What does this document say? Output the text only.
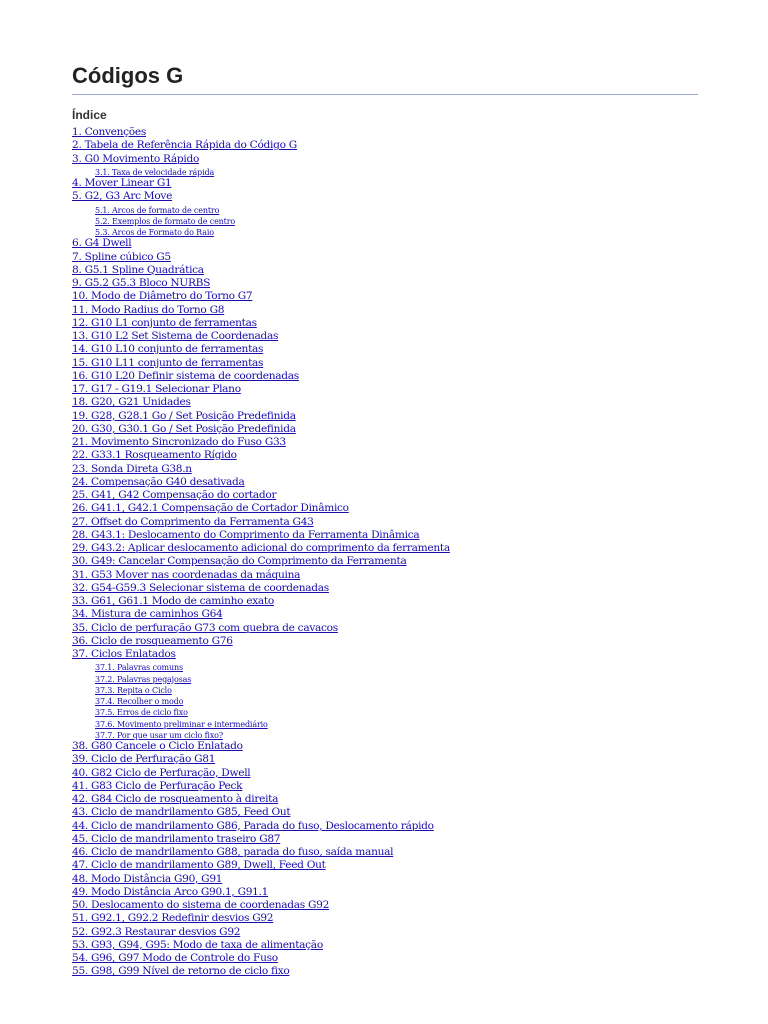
Códigos G
Índice
1. Convenções
2. Tabela de Referência Rápida do Código G
3. G0 Movimento Rápido
3.1. Taxa de velocidade rápida
4. Mover Linear G1
5. G2, G3 Arc Move
5.1. Arcos de formato de centro
5.2. Exemplos de formato de centro
5.3. Arcos de Formato do Raio
6. G4 Dwell
7. Spline cúbico G5
8. G5.1 Spline Quadrática
9. G5.2 G5.3 Bloco NURBS
10. Modo de Diâmetro do Torno G7
11. Modo Radius do Torno G8
12. G10 L1 conjunto de ferramentas
13. G10 L2 Set Sistema de Coordenadas
14. G10 L10 conjunto de ferramentas
15. G10 L11 conjunto de ferramentas
16. G10 L20 Definir sistema de coordenadas
17. G17 - G19.1 Selecionar Plano
18. G20, G21 Unidades
19. G28, G28.1 Go / Set Posição Predefinida
20. G30, G30.1 Go / Set Posição Predefinida
21. Movimento Sincronizado do Fuso G33
22. G33.1 Rosqueamento Rígido
23. Sonda Direta G38.n
24. Compensação G40 desativada
25. G41, G42 Compensação do cortador
26. G41.1, G42.1 Compensação de Cortador Dinâmico
27. Offset do Comprimento da Ferramenta G43
28. G43.1: Deslocamento do Comprimento da Ferramenta Dinâmica
29. G43.2: Aplicar deslocamento adicional do comprimento da ferramenta
30. G49: Cancelar Compensação do Comprimento da Ferramenta
31. G53 Mover nas coordenadas da máquina
32. G54-G59.3 Selecionar sistema de coordenadas
33. G61, G61.1 Modo de caminho exato
34. Mistura de caminhos G64
35. Ciclo de perfuração G73 com quebra de cavacos
36. Ciclo de rosqueamento G76
37. Ciclos Enlatados
37.1. Palavras comuns
37.2. Palavras pegajosas
37.3. Repita o Ciclo
37.4. Recolher o modo
37.5. Erros de ciclo fixo
37.6. Movimento preliminar e intermediário
37.7. Por que usar um ciclo fixo?
38. G80 Cancele o Ciclo Enlatado
39. Ciclo de Perfuração G81
40. G82 Ciclo de Perfuração, Dwell
41. G83 Ciclo de Perfuração Peck
42. G84 Ciclo de rosqueamento à direita
43. Ciclo de mandrilamento G85, Feed Out
44. Ciclo de mandrilamento G86, Parada do fuso, Deslocamento rápido
45. Ciclo de mandrilamento traseiro G87
46. Ciclo de mandrilamento G88, parada do fuso, saída manual
47. Ciclo de mandrilamento G89, Dwell, Feed Out
48. Modo Distância G90, G91
49. Modo Distância Arco G90.1, G91.1
50. Deslocamento do sistema de coordenadas G92
51. G92.1, G92.2 Redefinir desvios G92
52. G92.3 Restaurar desvios G92
53. G93, G94, G95: Modo de taxa de alimentação
54. G96, G97 Modo de Controle do Fuso
55. G98, G99 Nível de retorno de ciclo fixo
